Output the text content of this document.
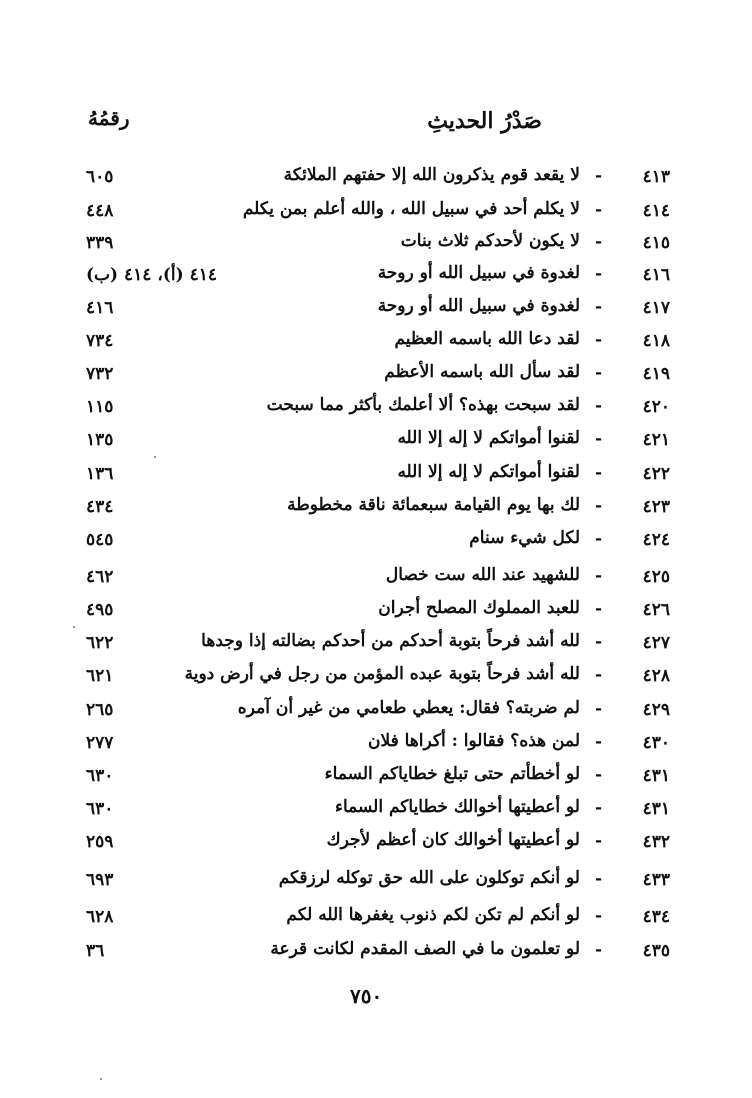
صَدْرُ الحديثِ
رقمُهُ
٤١٣
-
لا يقعد قوم يذكرون الله إلا حفتهم الملائكة
٦٠٥
٤١٤
-
لا يكلم أحد في سبيل الله ، والله أعلم بمن يكلم
٤٤٨
٤١٥
-
لا يكون لأحدكم ثلاث بنات
٣٣٩
٤١٦
-
لغدوة في سبيل الله أو روحة
٤١٤ (أ)، ٤١٤ (ب)
٤١٧
-
لغدوة في سبيل الله أو روحة
٤١٦
٤١٨
-
لقد دعا الله باسمه العظيم
٧٣٤
٤١٩
-
لقد سأل الله باسمه الأعظم
٧٣٢
٤٢٠
-
لقد سبحت بهذه؟ ألا أعلمك بأكثر مما سبحت
١١٥
٤٢١
-
لقنوا أمواتكم لا إله إلا الله
١٣٥
٤٢٢
-
لقنوا أمواتكم لا إله إلا الله
١٣٦
٤٢٣
-
لك بها يوم القيامة سبعمائة ناقة مخطوطة
٤٣٤
٤٢٤
-
لكل شيء سنام
٥٤٥
٤٢٥
-
للشهيد عند الله ست خصال
٤٦٢
٤٢٦
-
للعبد المملوك المصلح أجران
٤٩٥
٤٢٧
-
لله أشد فرحاً بتوبة أحدكم من أحدكم بضالته إذا وجدها
٦٢٢
٤٢٨
-
لله أشد فرحاً بتوبة عبده المؤمن من رجل في أرض دوية
٦٢١
٤٢٩
-
لم ضربته؟ فقال: يعطي طعامي من غير أن آمره
٢٦٥
٤٣٠
-
لمن هذه؟ فقالوا : أكراها فلان
٢٧٧
٤٣١
-
لو أخطأتم حتى تبلغ خطاياكم السماء
٦٣٠
٤٣١
-
لو أعطيتها أخوالك خطاياكم السماء
٦٣٠
٤٣٢
-
لو أعطيتها أخوالك كان أعظم لأجرك
٢٥٩
٤٣٣
-
لو أنكم توكلون على الله حق توكله لرزقكم
٦٩٣
٤٣٤
-
لو أنكم لم تكن لكم ذنوب يغفرها الله لكم
٦٢٨
٤٣٥
-
لو تعلمون ما في الصف المقدم لكانت قرعة
٣٦
٧٥٠
